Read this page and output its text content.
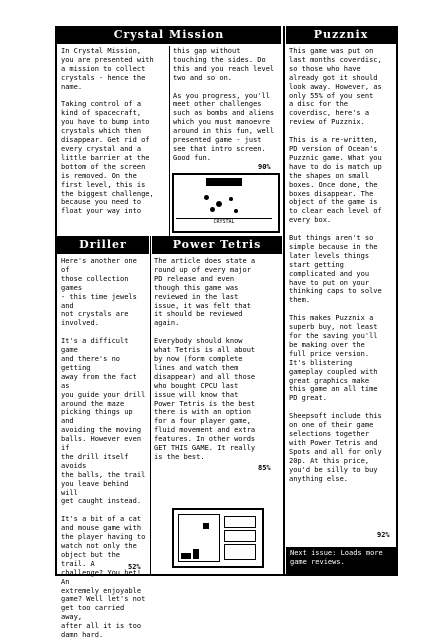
Crystal Mission	Puzznix
In Crystal Mission,
you are presented with
a mission to collect
crystals - hence the
name.

Taking control of a
kind of spacecraft,
you have to bump into
crystals which then
disappear. Get rid of
every crystal and a
little barrier at the
bottom of the screen
is removed. On the
first level, this is
the biggest challenge,
because you need to
float your way into
this gap without
touching the sides. Do
this and you reach level
two and so on.

As you progress, you'll
meet other challenges
such as bombs and aliens
which you must manoevre
around in this fun, well
presented game - just
see that intro screen.
Good fun.
90%
CRYSTAL
Driller	Power Tetris
Here's another one of
those collection games
- this time jewels and
not crystals are
involved.

It's a difficult game
and there's no getting
away from the fact as
you guide your drill
around the maze
picking things up and
avoiding the moving
balls. However even if
the drill itself avoids
the balls, the trail
you leave behind will
get caught instead.

It's a bit of a cat
and mouse game with
the player having to
watch not only the
object but the trail. A
challenge? You bet! An
extremely enjoyable
game? Well let's not
get too carried away,
after all it is too
damn hard.
52%
The article does state a
round up of every major
PD release and even
though this game was
reviewed in the last
issue, it was felt that
it should be reviewed
again.

Everybody should know
what Tetris is all about
by now (form complete
lines and watch them
disappear) and all those
who bought CPCU last
issue will know that
Power Tetris is the best
there is with an option
for a four player game,
fluid movement and extra
features. In other words
GET THIS GAME. It really
is the best.
85%
This game was put on
last months coverdisc,
so those who have
already got it should
look away. However, as
only 55% of you sent
a disc for the
coverdisc, here's a
review of Puzznix.

This is a re-written,
PD version of Ocean's
Puzznic game. What you
have to do is match up
the shapes on small
boxes. Once done, the
boxes disappear. The
object of the game is
to clear each level of
every box.

But things aren't so
simple because in the
later levels things
start getting
complicated and you
have to put on your
thinking caps to solve
them.

This makes Puzznix a
superb buy, not least
for the saving you'll
be making over the
full price version.
It's blistering
gameplay coupled with
great graphics make
this game an all time
PD great.

Sheepsoft include this
on one of their game
selections together
with Power Tetris and
Spots and all for only
20p. At this price,
you'd be silly to buy
anything else.
92%
Next issue: Loads more
game reviews.
